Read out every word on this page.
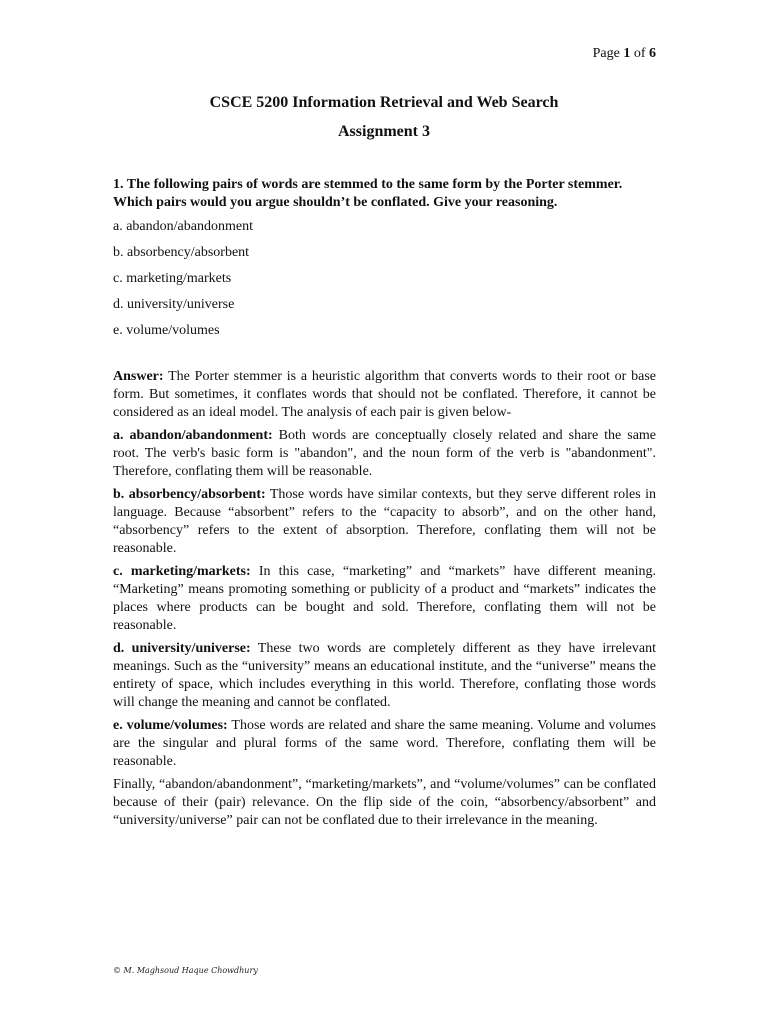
Page 1 of 6
CSCE 5200 Information Retrieval and Web Search
Assignment 3

1. The following pairs of words are stemmed to the same form by the Porter stemmer. Which pairs would you argue shouldn’t be conflated. Give your reasoning.

a. abandon/abandonment

b. absorbency/absorbent

c. marketing/markets

d. university/universe

e. volume/volumes

Answer: The Porter stemmer is a heuristic algorithm that converts words to their root or base form. But sometimes, it conflates words that should not be conflated. Therefore, it cannot be considered as an ideal model. The analysis of each pair is given below-

a. abandon/abandonment: Both words are conceptually closely related and share the same root. The verb's basic form is "abandon", and the noun form of the verb is "abandonment". Therefore, conflating them will be reasonable.

b. absorbency/absorbent: Those words have similar contexts, but they serve different roles in language. Because “absorbent” refers to the “capacity to absorb”, and on the other hand, “absorbency” refers to the extent of absorption. Therefore, conflating them will not be reasonable.

c. marketing/markets: In this case, “marketing” and “markets” have different meaning. “Marketing” means promoting something or publicity of a product and “markets” indicates the places where products can be bought and sold. Therefore, conflating them will not be reasonable.

d. university/universe: These two words are completely different as they have irrelevant meanings. Such as the “university” means an educational institute, and the “universe” means the entirety of space, which includes everything in this world. Therefore, conflating those words will change the meaning and cannot be conflated.

e. volume/volumes: Those words are related and share the same meaning. Volume and volumes are the singular and plural forms of the same word. Therefore, conflating them will be reasonable.

Finally, “abandon/abandonment”, “marketing/markets”, and “volume/volumes” can be conflated because of their (pair) relevance. On the flip side of the coin, “absorbency/absorbent” and “university/universe” pair can not be conflated due to their irrelevance in the meaning.

© M. Maghsoud Haque Chowdhury
